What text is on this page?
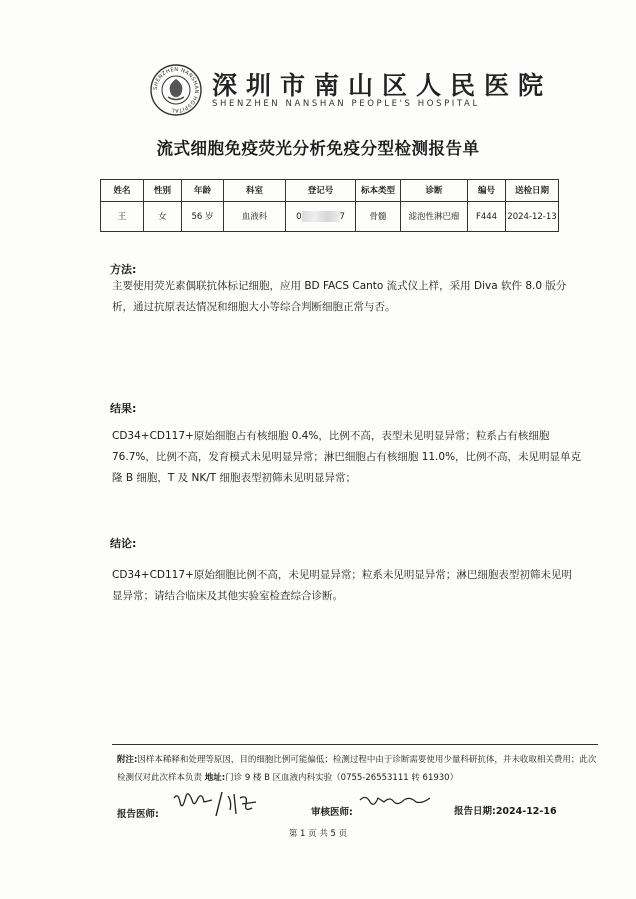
SHENZHEN NANSHAN HOSPITAL
深圳市南山区人民医院
SHENZHEN NANSHAN PEOPLE'S HOSPITAL
流式细胞免疫荧光分析免疫分型检测报告单
姓名	性别	年龄	科室	登记号	标本类型	诊断	编号	送检日期
王	女	56 岁	血液科	0 7	骨髓	滤泡性淋巴瘤	F444	2024-12-13
方法:
主要使用荧光素偶联抗体标记细胞，应用 BD FACS Canto 流式仪上样，采用 Diva 软件 8.0 版分析，通过抗原表达情况和细胞大小等综合判断细胞正常与否。
结果:
CD34+CD117+原始细胞占有核细胞 0.4%，比例不高，表型未见明显异常；粒系占有核细胞 76.7%，比例不高，发育模式未见明显异常；淋巴细胞占有核细胞 11.0%，比例不高，未见明显单克隆 B 细胞，T 及 NK/T 细胞表型初筛未见明显异常；
结论:
CD34+CD117+原始细胞比例不高，未见明显异常；粒系未见明显异常；淋巴细胞表型初筛未见明显异常；请结合临床及其他实验室检查综合诊断。
附注:因样本稀释和处理等原因，目的细胞比例可能偏低；检测过程中由于诊断需要使用少量科研抗体，并未收取相关费用；此次检测仅对此次样本负责 地址:门诊 9 楼 B 区血液内科实验（0755-26553111 转 61930）
报告医师:	审核医师:	报告日期:2024-12-16
第 1 页 共 5 页
